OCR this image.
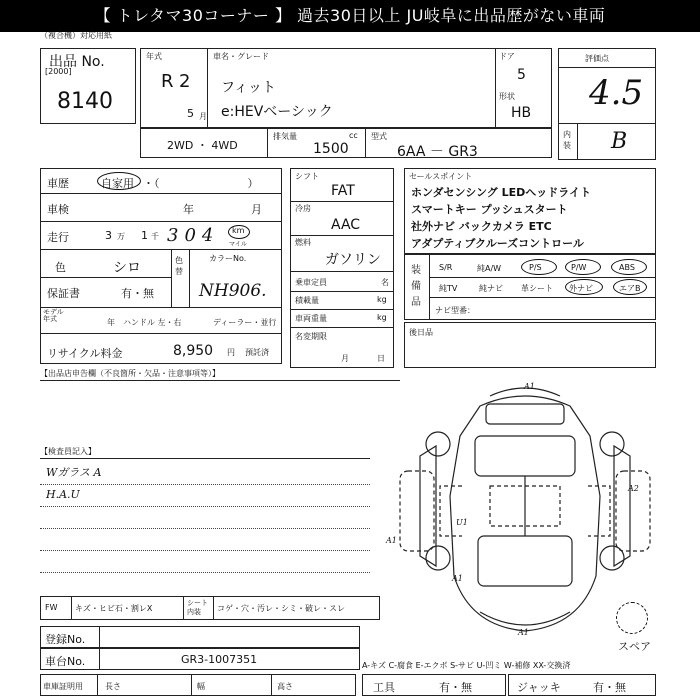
【 トレタマ30コーナー 】 過去30日以上 JU岐阜に出品歴がない車両
（複合機）対応用紙
出品 No.
[2000]
8140
年式
R 2
5 月
車名・グレード
フィット
e:HEVベーシック
ドア
5
形状
HB
評価点
4.5
内装 B
2WD ・ 4WD
排気量	cc
1500
型式
6AA － GR3
車歴	自家用 ・（　　　　　　　　）
車検	年	月
走行	3 万 1 千 304 km
マイル
色	シロ	色替
カラーNo.
NH906.
保証書	有・無
モデル年式	年 ハンドル 左・右	ディーラー・並行
リサイクル料金	8,950 円 預託済
シフト
FAT
冷房
AAC
燃料
ガソリン
乗車定員	名
積載量	kg
車両重量	kg
名変期限
月	日
セールスポイント
ホンダセンシング LEDヘッドライト
スマートキー プッシュスタート
社外ナビ バックカメラ ETC
アダプティブクルーズコントロール
装備品
S/R	純A/W	P/S	P/W	ABS
純TV	純ナビ 革シート 外ナビ	エアB
ナビ型番：
後日品
【出品店申告欄（不良箇所・欠品・注意事項等）】
【検査員記入】
Wガラス A
H.A.U
A1
A2
A1
U1
A1
A1
スペア
FW キズ・ヒビ石・割レX
シート内装	コゲ・穴・汚レ・シミ・破レ・スレ
登録No.
車台No.	GR3-1007351	A-キズ C-腐食 E-エクボ S-サビ U-凹ミ W-補修 XX-交換済
車庫証明用	長さ	幅	高さ	工具	有・無	ジャッキ	有・無
